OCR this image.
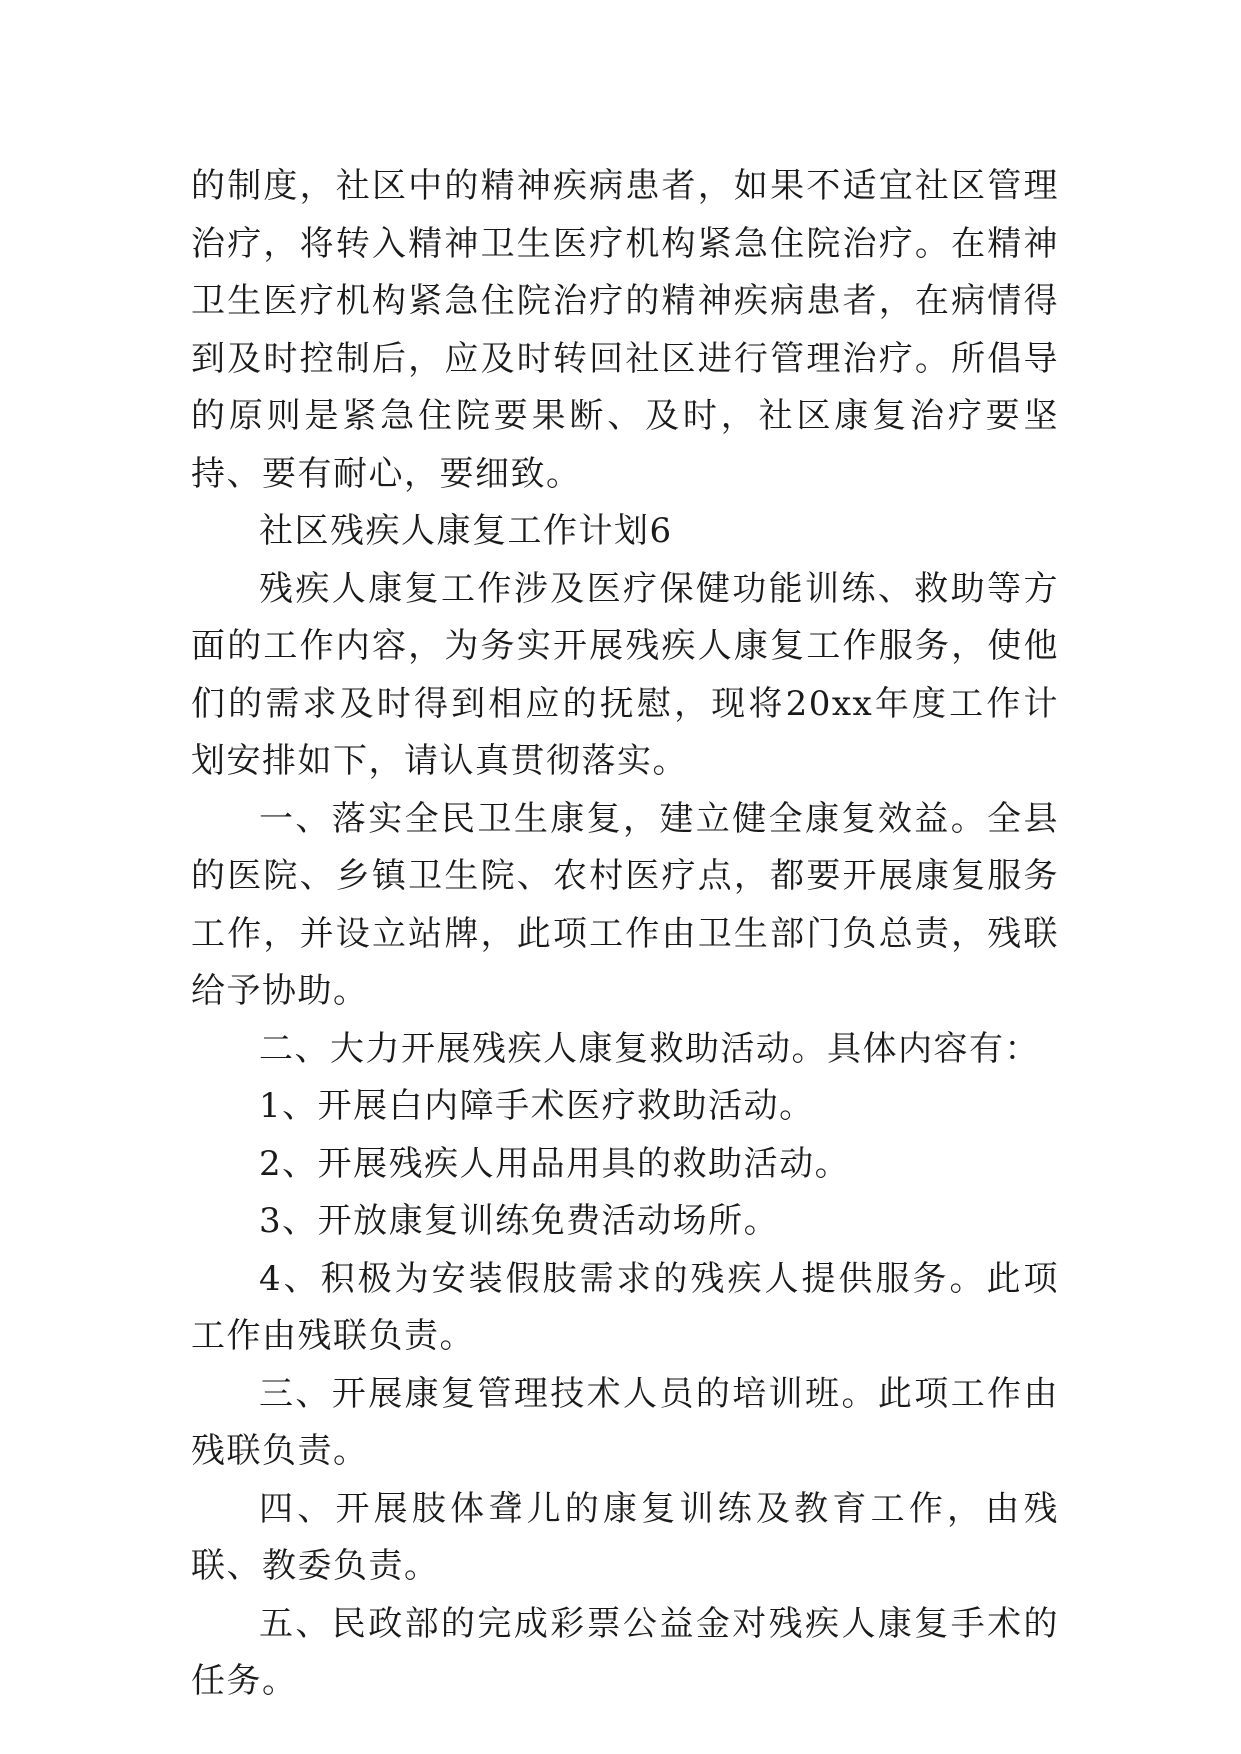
的制度，社区中的精神疾病患者，如果不适宜社区管理治疗，将转入精神卫生医疗机构紧急住院治疗。在精神卫生医疗机构紧急住院治疗的精神疾病患者，在病情得到及时控制后，应及时转回社区进行管理治疗。所倡导的原则是紧急住院要果断、及时，社区康复治疗要坚持、要有耐心，要细致。

社区残疾人康复工作计划6

残疾人康复工作涉及医疗保健功能训练、救助等方面的工作内容，为务实开展残疾人康复工作服务，使他们的需求及时得到相应的抚慰，现将20xx年度工作计划安排如下，请认真贯彻落实。

一、落实全民卫生康复，建立健全康复效益。全县的医院、乡镇卫生院、农村医疗点，都要开展康复服务工作，并设立站牌，此项工作由卫生部门负总责，残联给予协助。

二、大力开展残疾人康复救助活动。具体内容有：

1、开展白内障手术医疗救助活动。

2、开展残疾人用品用具的救助活动。

3、开放康复训练免费活动场所。

4、积极为安装假肢需求的残疾人提供服务。此项工作由残联负责。

三、开展康复管理技术人员的培训班。此项工作由残联负责。

四、开展肢体聋儿的康复训练及教育工作，由残联、教委负责。

五、民政部的完成彩票公益金对残疾人康复手术的任务。
